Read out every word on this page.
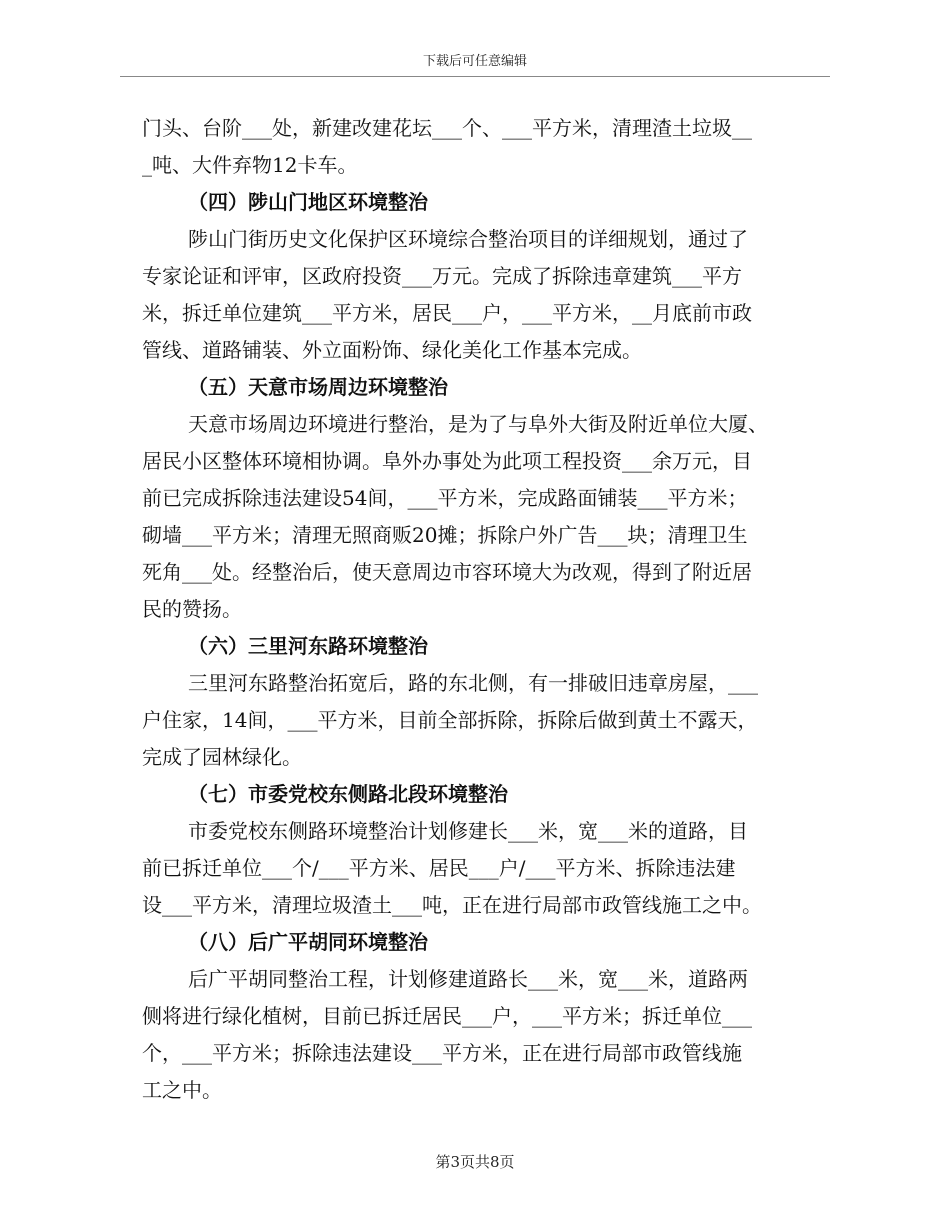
下载后可任意编辑
门头、台阶___处，新建改建花坛___个、___平方米，清理渣土垃圾__
_吨、大件弃物12卡车。
（四）陟山门地区环境整治
陟山门街历史文化保护区环境综合整治项目的详细规划，通过了
专家论证和评审，区政府投资___万元。完成了拆除违章建筑___平方
米，拆迁单位建筑___平方米，居民___户，___平方米，__月底前市政
管线、道路铺装、外立面粉饰、绿化美化工作基本完成。
（五）天意市场周边环境整治
天意市场周边环境进行整治，是为了与阜外大街及附近单位大厦、
居民小区整体环境相协调。阜外办事处为此项工程投资___余万元，目
前已完成拆除违法建设54间，___平方米，完成路面铺装___平方米；
砌墙___平方米；清理无照商贩20摊；拆除户外广告___块；清理卫生
死角___处。经整治后，使天意周边市容环境大为改观，得到了附近居
民的赞扬。
（六）三里河东路环境整治
三里河东路整治拓宽后，路的东北侧，有一排破旧违章房屋，___
户住家，14间，___平方米，目前全部拆除，拆除后做到黄土不露天，
完成了园林绿化。
（七）市委党校东侧路北段环境整治
市委党校东侧路环境整治计划修建长___米，宽___米的道路，目
前已拆迁单位___个/___平方米、居民___户/___平方米、拆除违法建
设___平方米，清理垃圾渣土___吨，正在进行局部市政管线施工之中。
（八）后广平胡同环境整治
后广平胡同整治工程，计划修建道路长___米，宽___米，道路两
侧将进行绿化植树，目前已拆迁居民___户，___平方米；拆迁单位___
个，___平方米；拆除违法建设___平方米，正在进行局部市政管线施
工之中。
第3页共8页
